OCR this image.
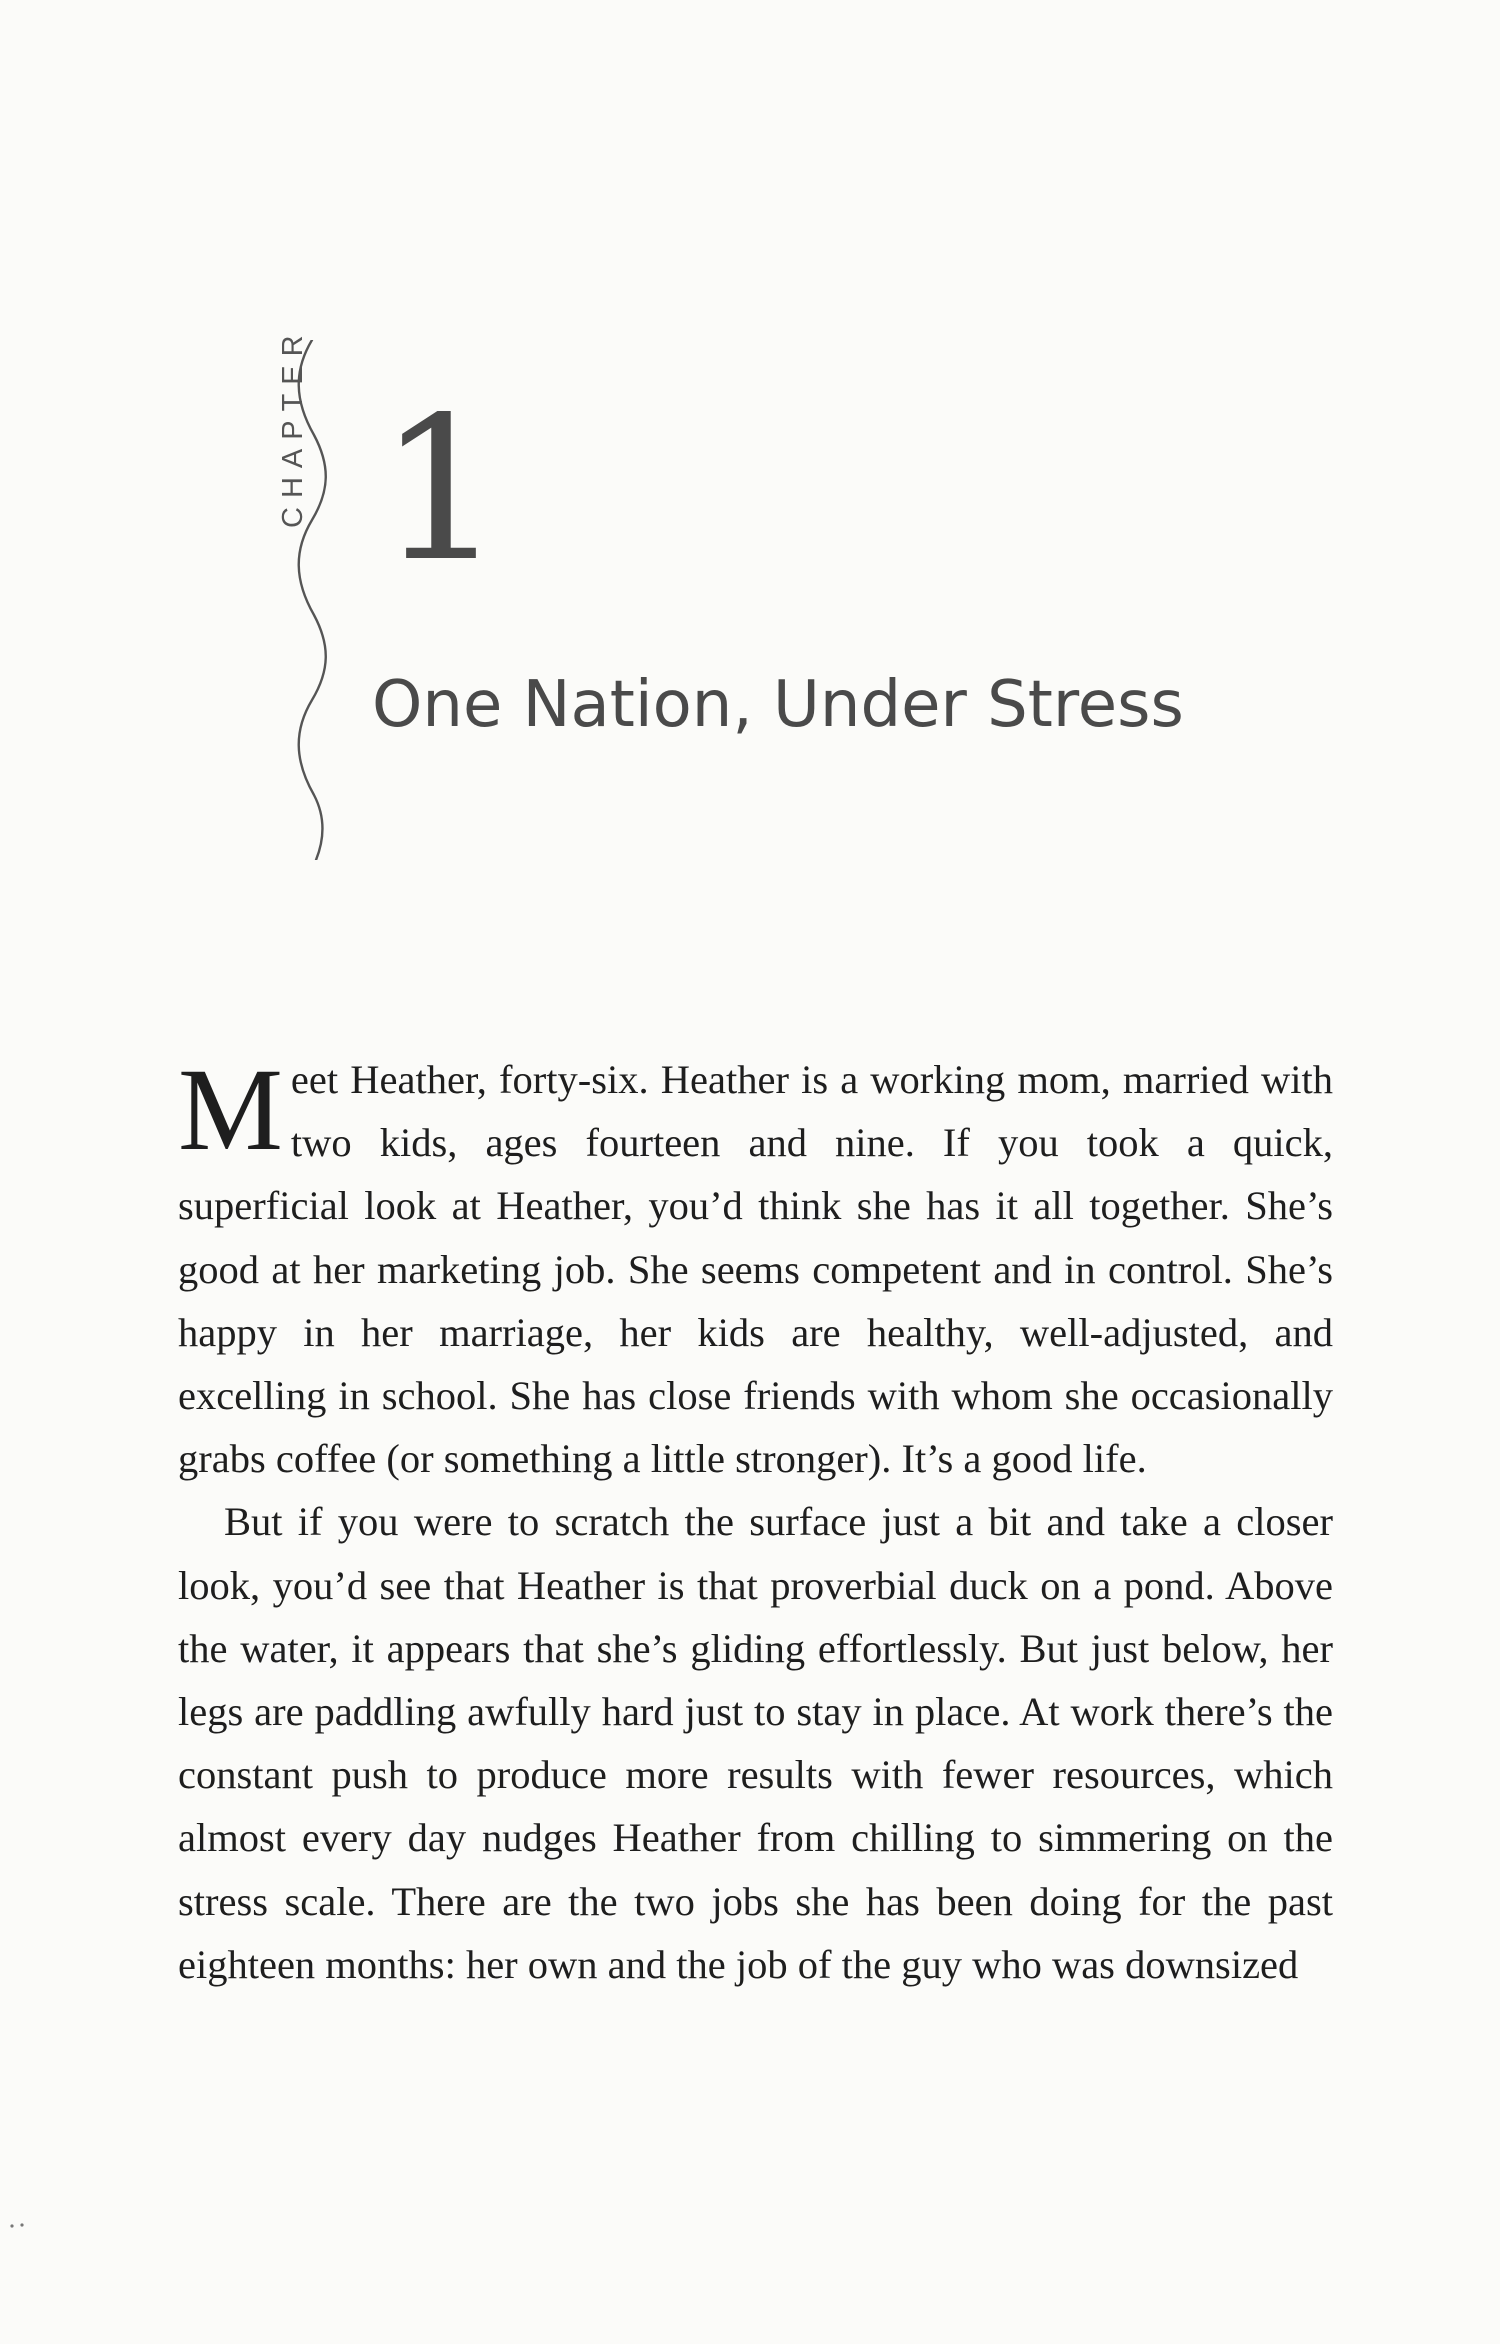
CHAPTER 1
One Nation, Under Stress

Meet Heather, forty-six. Heather is a working mom, married with two kids, ages fourteen and nine. If you took a quick, superficial look at Heather, you’d think she has it all together. She’s good at her marketing job. She seems competent and in control. She’s happy in her marriage, her kids are healthy, well-adjusted, and excelling in school. She has close friends with whom she occasionally grabs coffee (or something a little stronger). It’s a good life.

But if you were to scratch the surface just a bit and take a closer look, you’d see that Heather is that proverbial duck on a pond. Above the water, it appears that she’s gliding effortlessly. But just below, her legs are paddling awfully hard just to stay in place. At work there’s the constant push to produce more results with fewer resources, which almost every day nudges Heather from chilling to simmering on the stress scale. There are the two jobs she has been doing for the past eighteen months: her own and the job of the guy who was downsized
